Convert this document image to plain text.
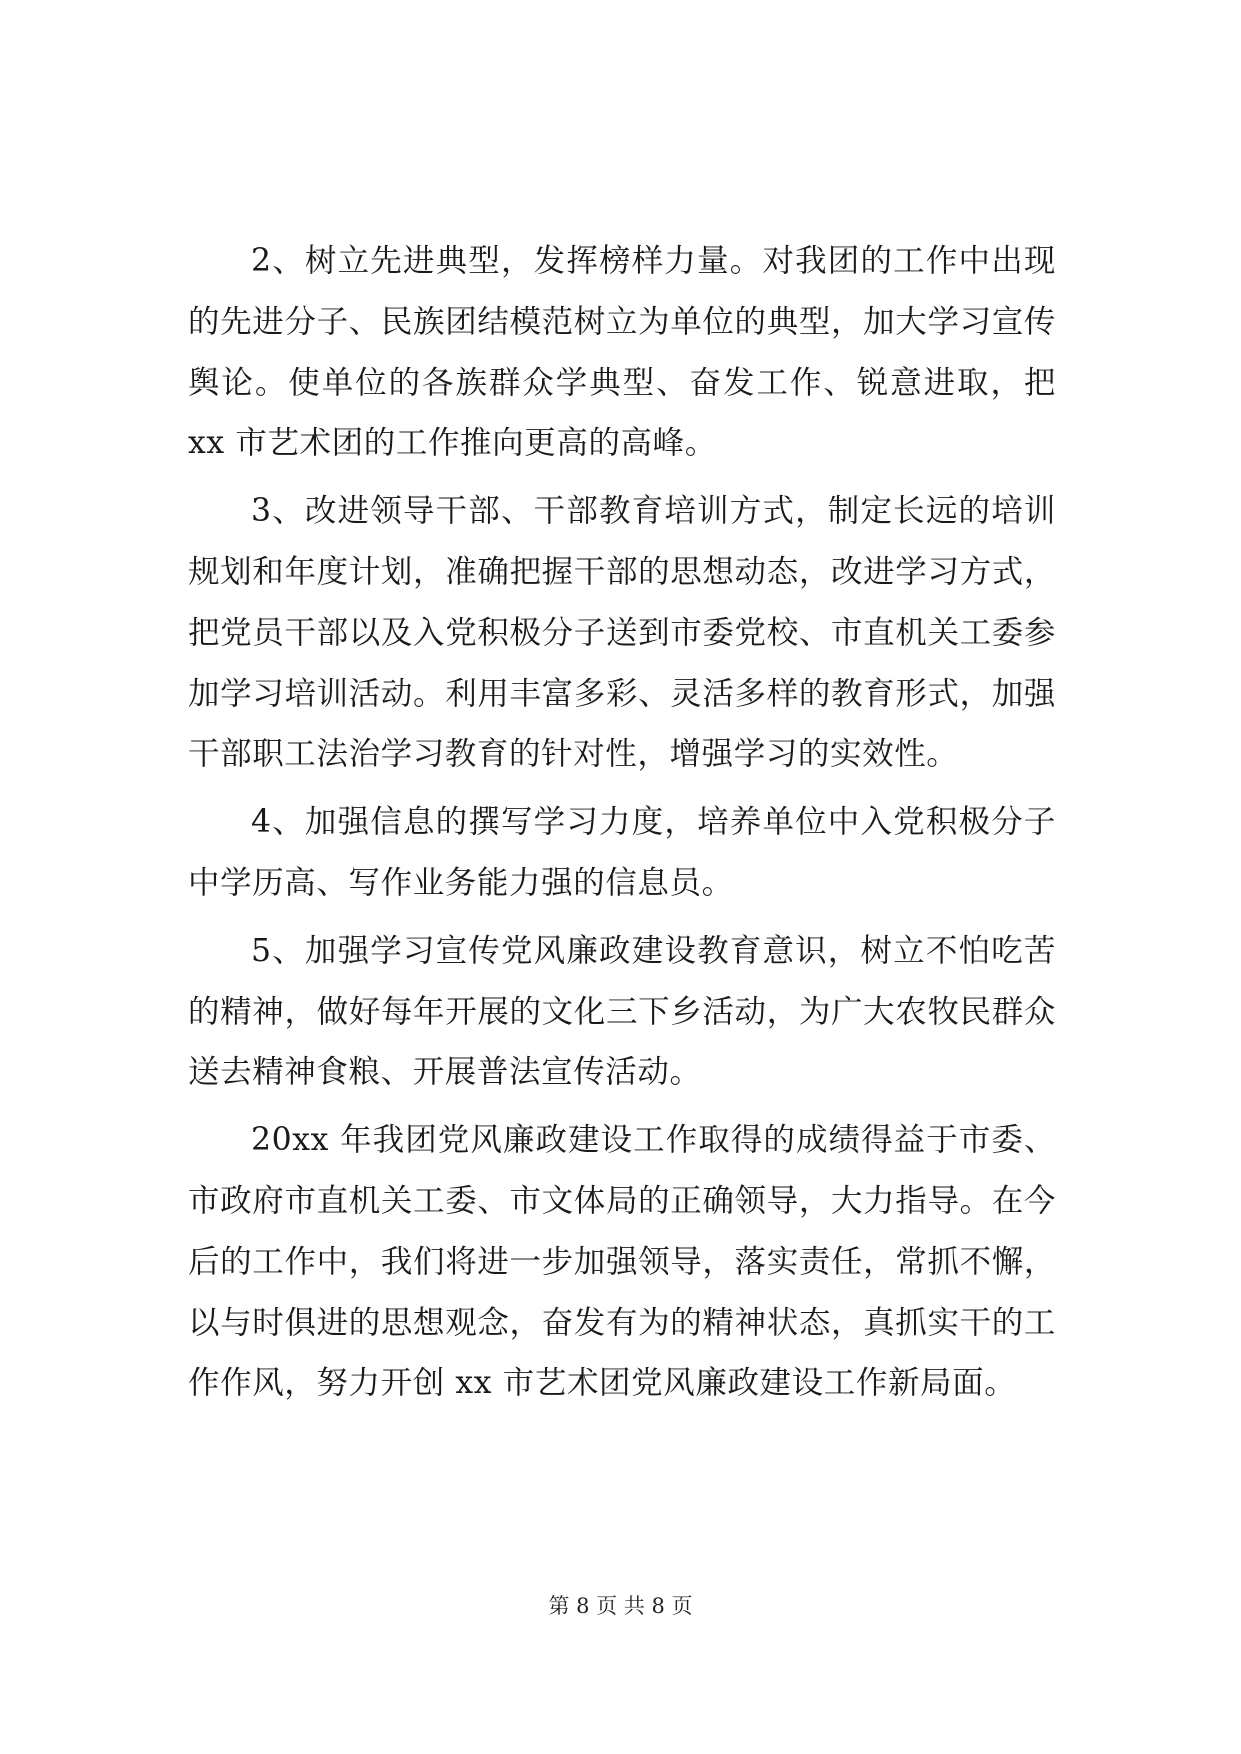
2、树立先进典型，发挥榜样力量。对我团的工作中出现的先进分子、民族团结模范树立为单位的典型，加大学习宣传舆论。使单位的各族群众学典型、奋发工作、锐意进取，把 xx 市艺术团的工作推向更高的高峰。

3、改进领导干部、干部教育培训方式，制定长远的培训规划和年度计划，准确把握干部的思想动态，改进学习方式，把党员干部以及入党积极分子送到市委党校、市直机关工委参加学习培训活动。利用丰富多彩、灵活多样的教育形式，加强干部职工法治学习教育的针对性，增强学习的实效性。

4、加强信息的撰写学习力度，培养单位中入党积极分子中学历高、写作业务能力强的信息员。

5、加强学习宣传党风廉政建设教育意识，树立不怕吃苦的精神，做好每年开展的文化三下乡活动，为广大农牧民群众送去精神食粮、开展普法宣传活动。

20xx 年我团党风廉政建设工作取得的成绩得益于市委、市政府市直机关工委、市文体局的正确领导，大力指导。在今后的工作中，我们将进一步加强领导，落实责任，常抓不懈，以与时俱进的思想观念，奋发有为的精神状态，真抓实干的工作作风，努力开创 xx 市艺术团党风廉政建设工作新局面。

第 8 页 共 8 页
